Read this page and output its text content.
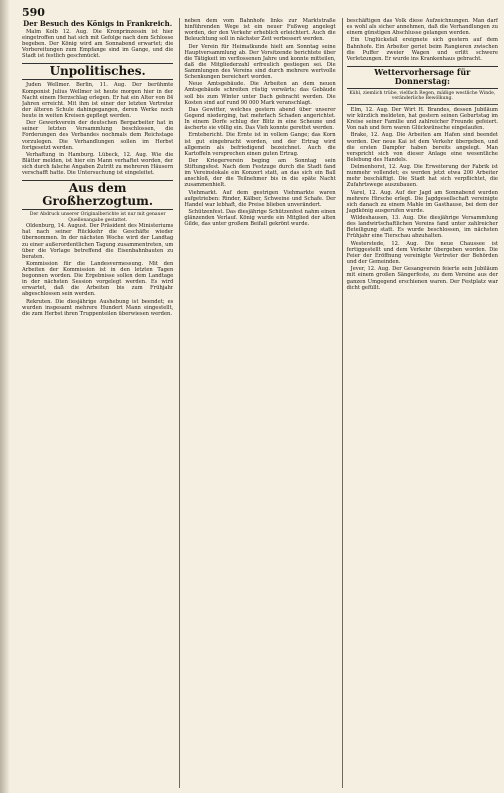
590
Der Besuch des Königs in Frankreich.

Malm Kolb 12. Aug. Die Kronprinzessin ist hier eingetroffen und hat sich mit Gefolge nach dem Schlosse begeben. Der König wird am Sonnabend erwartet; die Vorbereitungen zum Empfange sind im Gange, und die Stadt ist festlich geschmückt.

Unpolitisches.

Juden Wellmer. Berlin, 11. Aug. Der berühmte Komponist Julius Wellmer ist heute morgen hier in der Nacht einem Herzschlag erlegen. Er hat ein Alter von 84 Jahren erreicht. Mit ihm ist einer der letzten Vertreter der älteren Schule dahingegangen, deren Werke noch heute in weiten Kreisen gepflegt werden.

Der Gewerkverein der deutschen Bergarbeiter hat in seiner letzten Versammlung beschlossen, die Forderungen des Verbandes nochmals dem Reichstage vorzulegen. Die Verhandlungen sollen im Herbst fortgesetzt werden.

Verhaftung in Hamburg. Lübeck, 12. Aug. Wie die Blätter melden, ist hier ein Mann verhaftet worden, der sich durch falsche Angaben Zutritt zu mehreren Häusern verschafft hatte. Die Untersuchung ist eingeleitet.

Aus dem Großherzogtum.
Der Abdruck unserer Originalberichte ist nur mit genauer Quellenangabe gestattet.

Oldenburg, 14. August. Der Präsident des Ministeriums hat nach seiner Rückkehr die Geschäfte wieder übernommen. In der nächsten Woche wird der Landtag zu einer außerordentlichen Tagung zusammentreten, um über die Vorlage betreffend die Eisenbahnbauten zu beraten.

Kommission für die Landesvermessung. Mit den Arbeiten der Kommission ist in den letzten Tagen begonnen worden. Die Ergebnisse sollen dem Landtage in der nächsten Session vorgelegt werden. Es wird erwartet, daß die Arbeiten bis zum Frühjahr abgeschlossen sein werden.

Rekruten. Die diesjährige Aushebung ist beendet; es wurden insgesamt mehrere Hundert Mann eingestellt, die zum Herbst ihren Truppenteilen überwiesen werden.

neben dem vom Bahnhofe links zur Marktstraße hinführenden Wege ist ein neuer Fußweg angelegt worden, der den Verkehr erheblich erleichtert. Auch die Beleuchtung soll in nächster Zeit verbessert werden.

Der Verein für Heimatkunde hielt am Sonntag seine Hauptversammlung ab. Der Vorsitzende berichtete über die Tätigkeit im verflossenen Jahre und konnte mitteilen, daß die Mitgliederzahl erfreulich gestiegen sei. Die Sammlungen des Vereins sind durch mehrere wertvolle Schenkungen bereichert worden.

Neue Amtsgebäude. Die Arbeiten an dem neuen Amtsgebäude schreiten rüstig vorwärts; das Gebäude soll bis zum Winter unter Dach gebracht werden. Die Kosten sind auf rund 90 000 Mark veranschlagt.

Das Gewitter, welches gestern abend über unserer Gegend niederging, hat mehrfach Schaden angerichtet. In einem Dorfe schlug der Blitz in eine Scheune und äscherte sie völlig ein. Das Vieh konnte gerettet werden.

Erntebericht. Die Ernte ist in vollem Gange; das Korn ist gut eingebracht worden, und der Ertrag wird allgemein als befriedigend bezeichnet. Auch die Kartoffeln versprechen einen guten Ertrag.

Der Kriegerverein beging am Sonntag sein Stiftungsfest. Nach dem Festzuge durch die Stadt fand im Vereinslokale ein Konzert statt, an das sich ein Ball anschloß, der die Teilnehmer bis in die späte Nacht zusammenhielt.

Viehmarkt. Auf dem gestrigen Viehmarkte waren aufgetrieben: Rinder, Kälber, Schweine und Schafe. Der Handel war lebhaft, die Preise blieben unverändert.

Schützenfest. Das diesjährige Schützenfest nahm einen glänzenden Verlauf. König wurde ein Mitglied der alten Gilde, das unter großem Beifall gekrönt wurde.

beschäftigen das Volk diese Aufzeichnungen. Man darf es wohl als sicher annehmen, daß die Verhandlungen zu einem günstigen Abschlusse gelangen werden.

Ein Unglücksfall ereignete sich gestern auf dem Bahnhofe. Ein Arbeiter geriet beim Rangieren zwischen die Puffer zweier Wagen und erlitt schwere Verletzungen. Er wurde ins Krankenhaus gebracht.

Wettervorhersage für Donnerstag:
Kühl, ziemlich trübe, vielfach Regen, mäßige westliche Winde, veränderliche Bewölkung.

Elm, 12. Aug. Der Wirt H. Brandes, dessen Jubiläum wir kürzlich meldeten, hat gestern seinen Geburtstag im Kreise seiner Familie und zahlreicher Freunde gefeiert. Von nah und fern waren Glückwünsche eingelaufen.

Brake, 12. Aug. Die Arbeiten am Hafen sind beendet worden. Der neue Kai ist dem Verkehr übergeben, und die ersten Dampfer haben bereits angelegt. Man verspricht sich von dieser Anlage eine wesentliche Belebung des Handels.

Delmenhorst, 12. Aug. Die Erweiterung der Fabrik ist nunmehr vollendet; es werden jetzt etwa 200 Arbeiter mehr beschäftigt. Die Stadt hat sich verpflichtet, die Zufahrtswege auszubauen.

Varel, 12. Aug. Auf der Jagd am Sonnabend wurden mehrere Hirsche erlegt. Die Jagdgesellschaft vereinigte sich danach zu einem Mahle im Gasthause, bei dem der Jagdkönig ausgerufen wurde.

Wildeshausen, 13. Aug. Die diesjährige Versammlung des landwirtschaftlichen Vereins fand unter zahlreicher Beteiligung statt. Es wurde beschlossen, im nächsten Frühjahr eine Tierschau abzuhalten.

Westerstede, 12. Aug. Die neue Chaussee ist fertiggestellt und dem Verkehr übergeben worden. Die Feier der Eröffnung vereinigte Vertreter der Behörden und der Gemeinden.

Jever, 12. Aug. Der Gesangverein feierte sein Jubiläum mit einem großen Sängerfeste, zu dem Vereine aus der ganzen Umgegend erschienen waren. Der Festplatz war dicht gefüllt.
